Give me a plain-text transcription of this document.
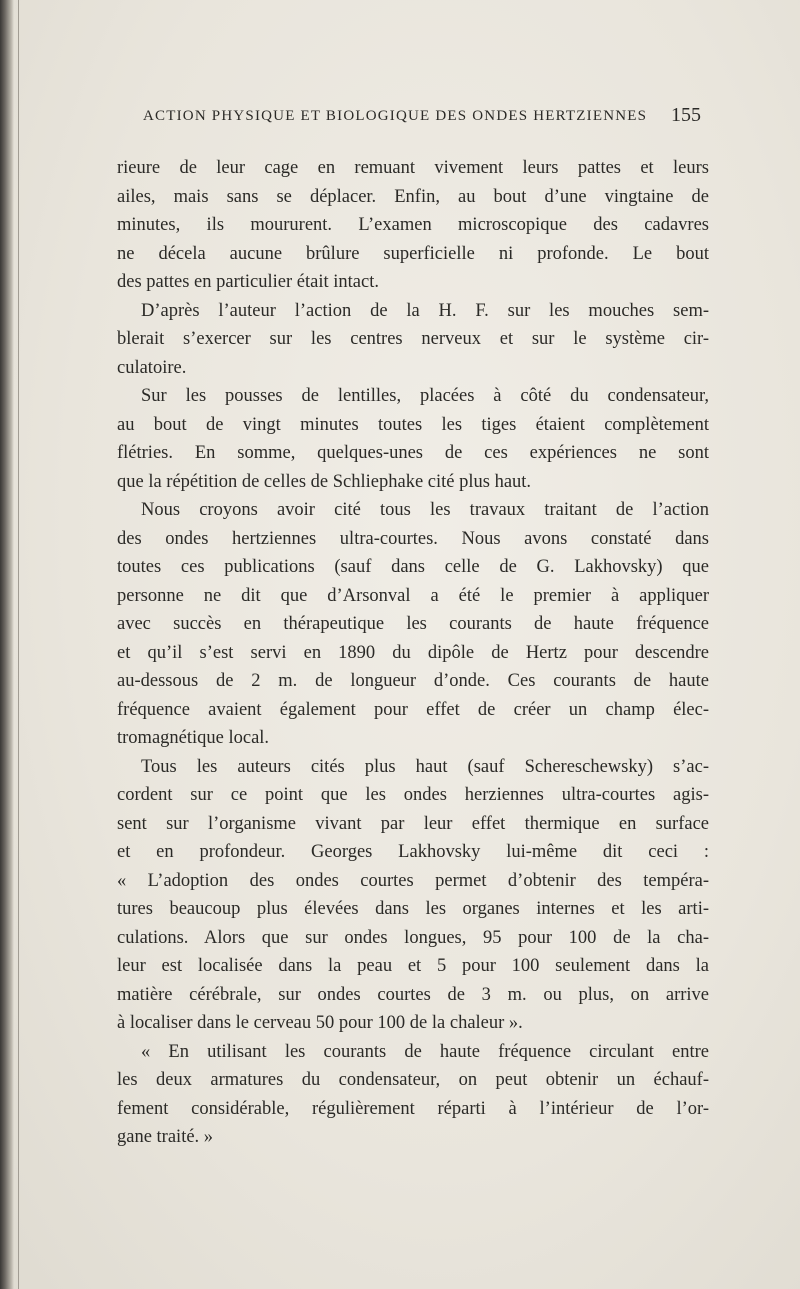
ACTION PHYSIQUE ET BIOLOGIQUE DES ONDES HERTZIENNES 155
rieure de leur cage en remuant vivement leurs pattes et leurs
ailes, mais sans se déplacer. Enfin, au bout d’une vingtaine de
minutes, ils moururent. L’examen microscopique des cadavres
ne décela aucune brûlure superficielle ni profonde. Le bout
des pattes en particulier était intact.
D’après l’auteur l’action de la H. F. sur les mouches sem-
blerait s’exercer sur les centres nerveux et sur le système cir-
culatoire.
Sur les pousses de lentilles, placées à côté du condensateur,
au bout de vingt minutes toutes les tiges étaient complètement
flétries. En somme, quelques-unes de ces expériences ne sont
que la répétition de celles de Schliephake cité plus haut.
Nous croyons avoir cité tous les travaux traitant de l’action
des ondes hertziennes ultra-courtes. Nous avons constaté dans
toutes ces publications (sauf dans celle de G. Lakhovsky) que
personne ne dit que d’Arsonval a été le premier à appliquer
avec succès en thérapeutique les courants de haute fréquence
et qu’il s’est servi en 1890 du dipôle de Hertz pour descendre
au-dessous de 2 m. de longueur d’onde. Ces courants de haute
fréquence avaient également pour effet de créer un champ élec-
tromagnétique local.
Tous les auteurs cités plus haut (sauf Schereschewsky) s’ac-
cordent sur ce point que les ondes herziennes ultra-courtes agis-
sent sur l’organisme vivant par leur effet thermique en surface
et en profondeur. Georges Lakhovsky lui-même dit ceci :
« L’adoption des ondes courtes permet d’obtenir des tempéra-
tures beaucoup plus élevées dans les organes internes et les arti-
culations. Alors que sur ondes longues, 95 pour 100 de la cha-
leur est localisée dans la peau et 5 pour 100 seulement dans la
matière cérébrale, sur ondes courtes de 3 m. ou plus, on arrive
à localiser dans le cerveau 50 pour 100 de la chaleur ».
« En utilisant les courants de haute fréquence circulant entre
les deux armatures du condensateur, on peut obtenir un échauf-
fement considérable, régulièrement réparti à l’intérieur de l’or-
gane traité. »
